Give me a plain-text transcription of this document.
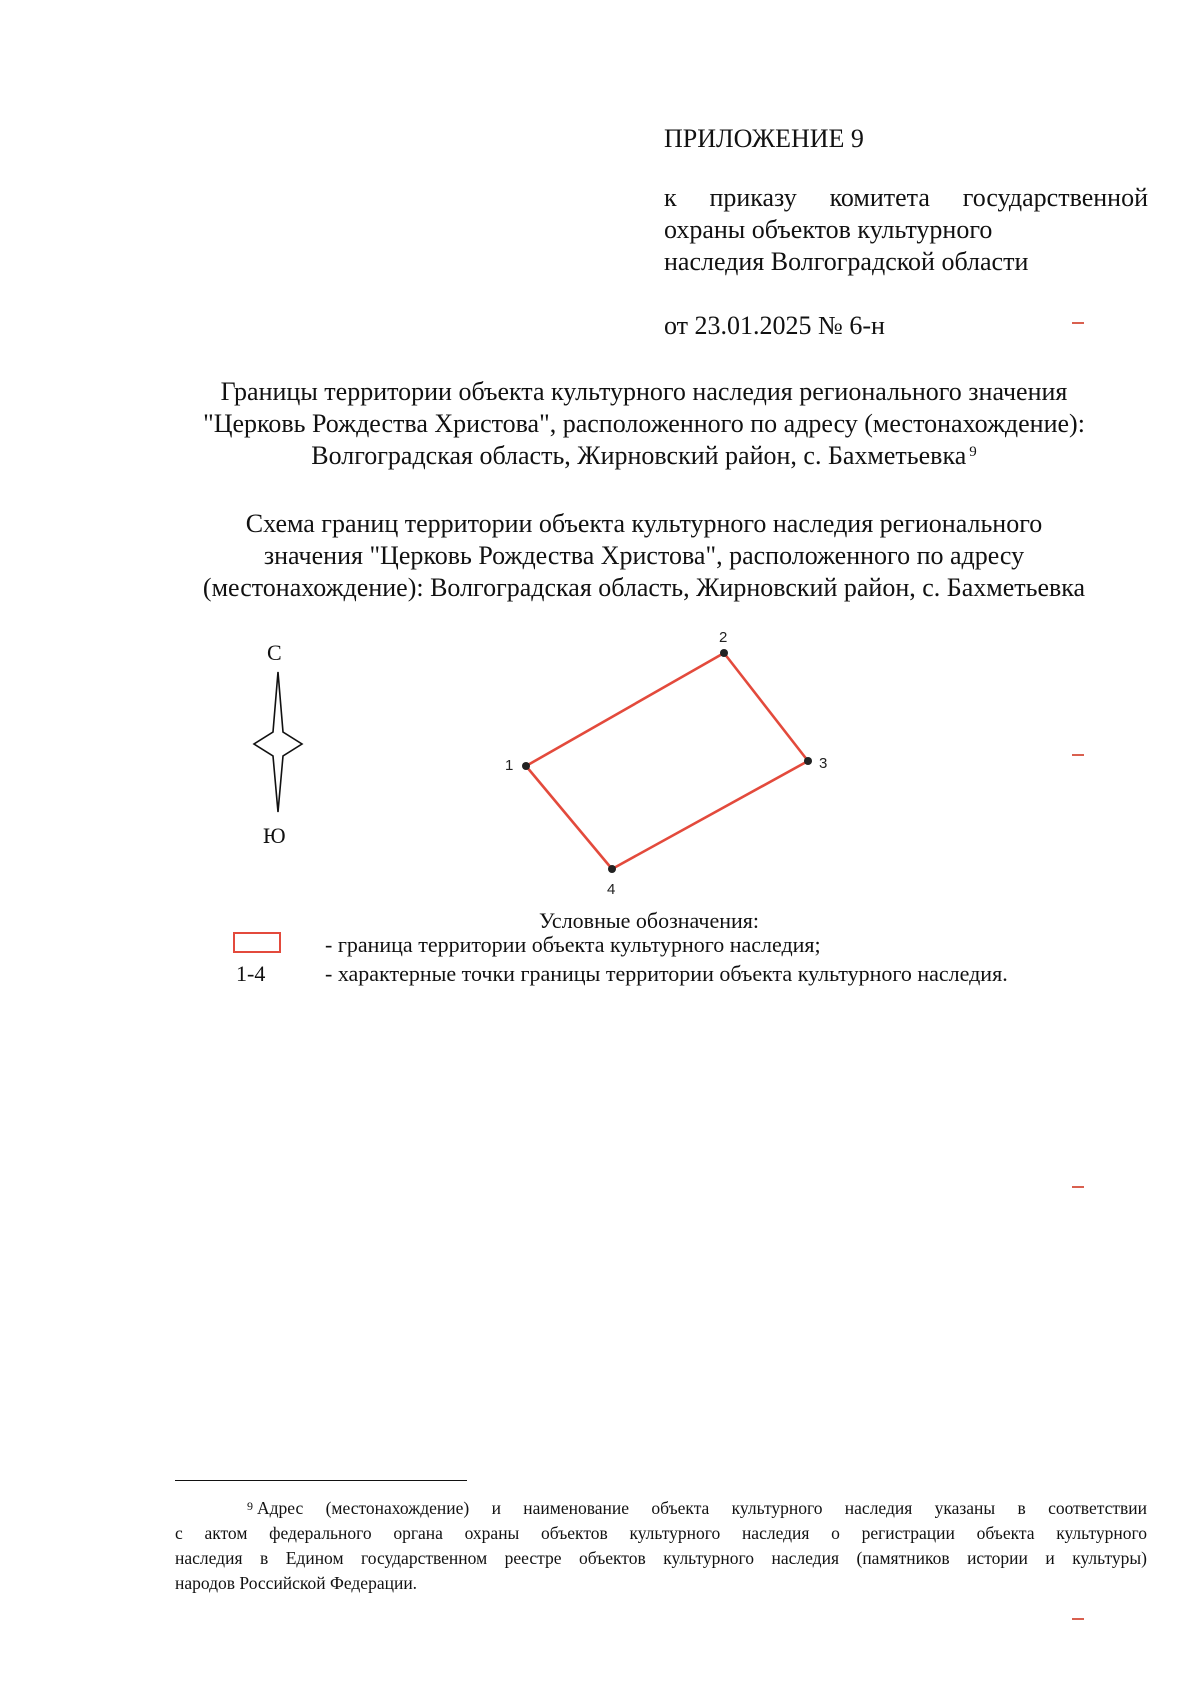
ПРИЛОЖЕНИЕ 9
к приказу комитета государственной
охраны объектов культурного
наследия Волгоградской области
от 23.01.2025 № 6-н
Границы территории объекта культурного наследия регионального значения
"Церковь Рождества Христова", расположенного по адресу (местонахождение):
Волгоградская область, Жирновский район, с. Бахметьевка $^9$
Схема границ территории объекта культурного наследия регионального
значения "Церковь Рождества Христова", расположенного по адресу
(местонахождение): Волгоградская область, Жирновский район, с. Бахметьевка
С
Ю
1
2
3
4
Условные обозначения:
- граница территории объекта культурного наследия;
1-4	- характерные точки границы территории объекта культурного наследия.
$^9$ Адрес (местонахождение) и наименование объекта культурного наследия указаны в соответствии
с актом федерального органа охраны объектов культурного наследия о регистрации объекта культурного
наследия в Едином государственном реестре объектов культурного наследия (памятников истории и культуры)
народов Российской Федерации.
